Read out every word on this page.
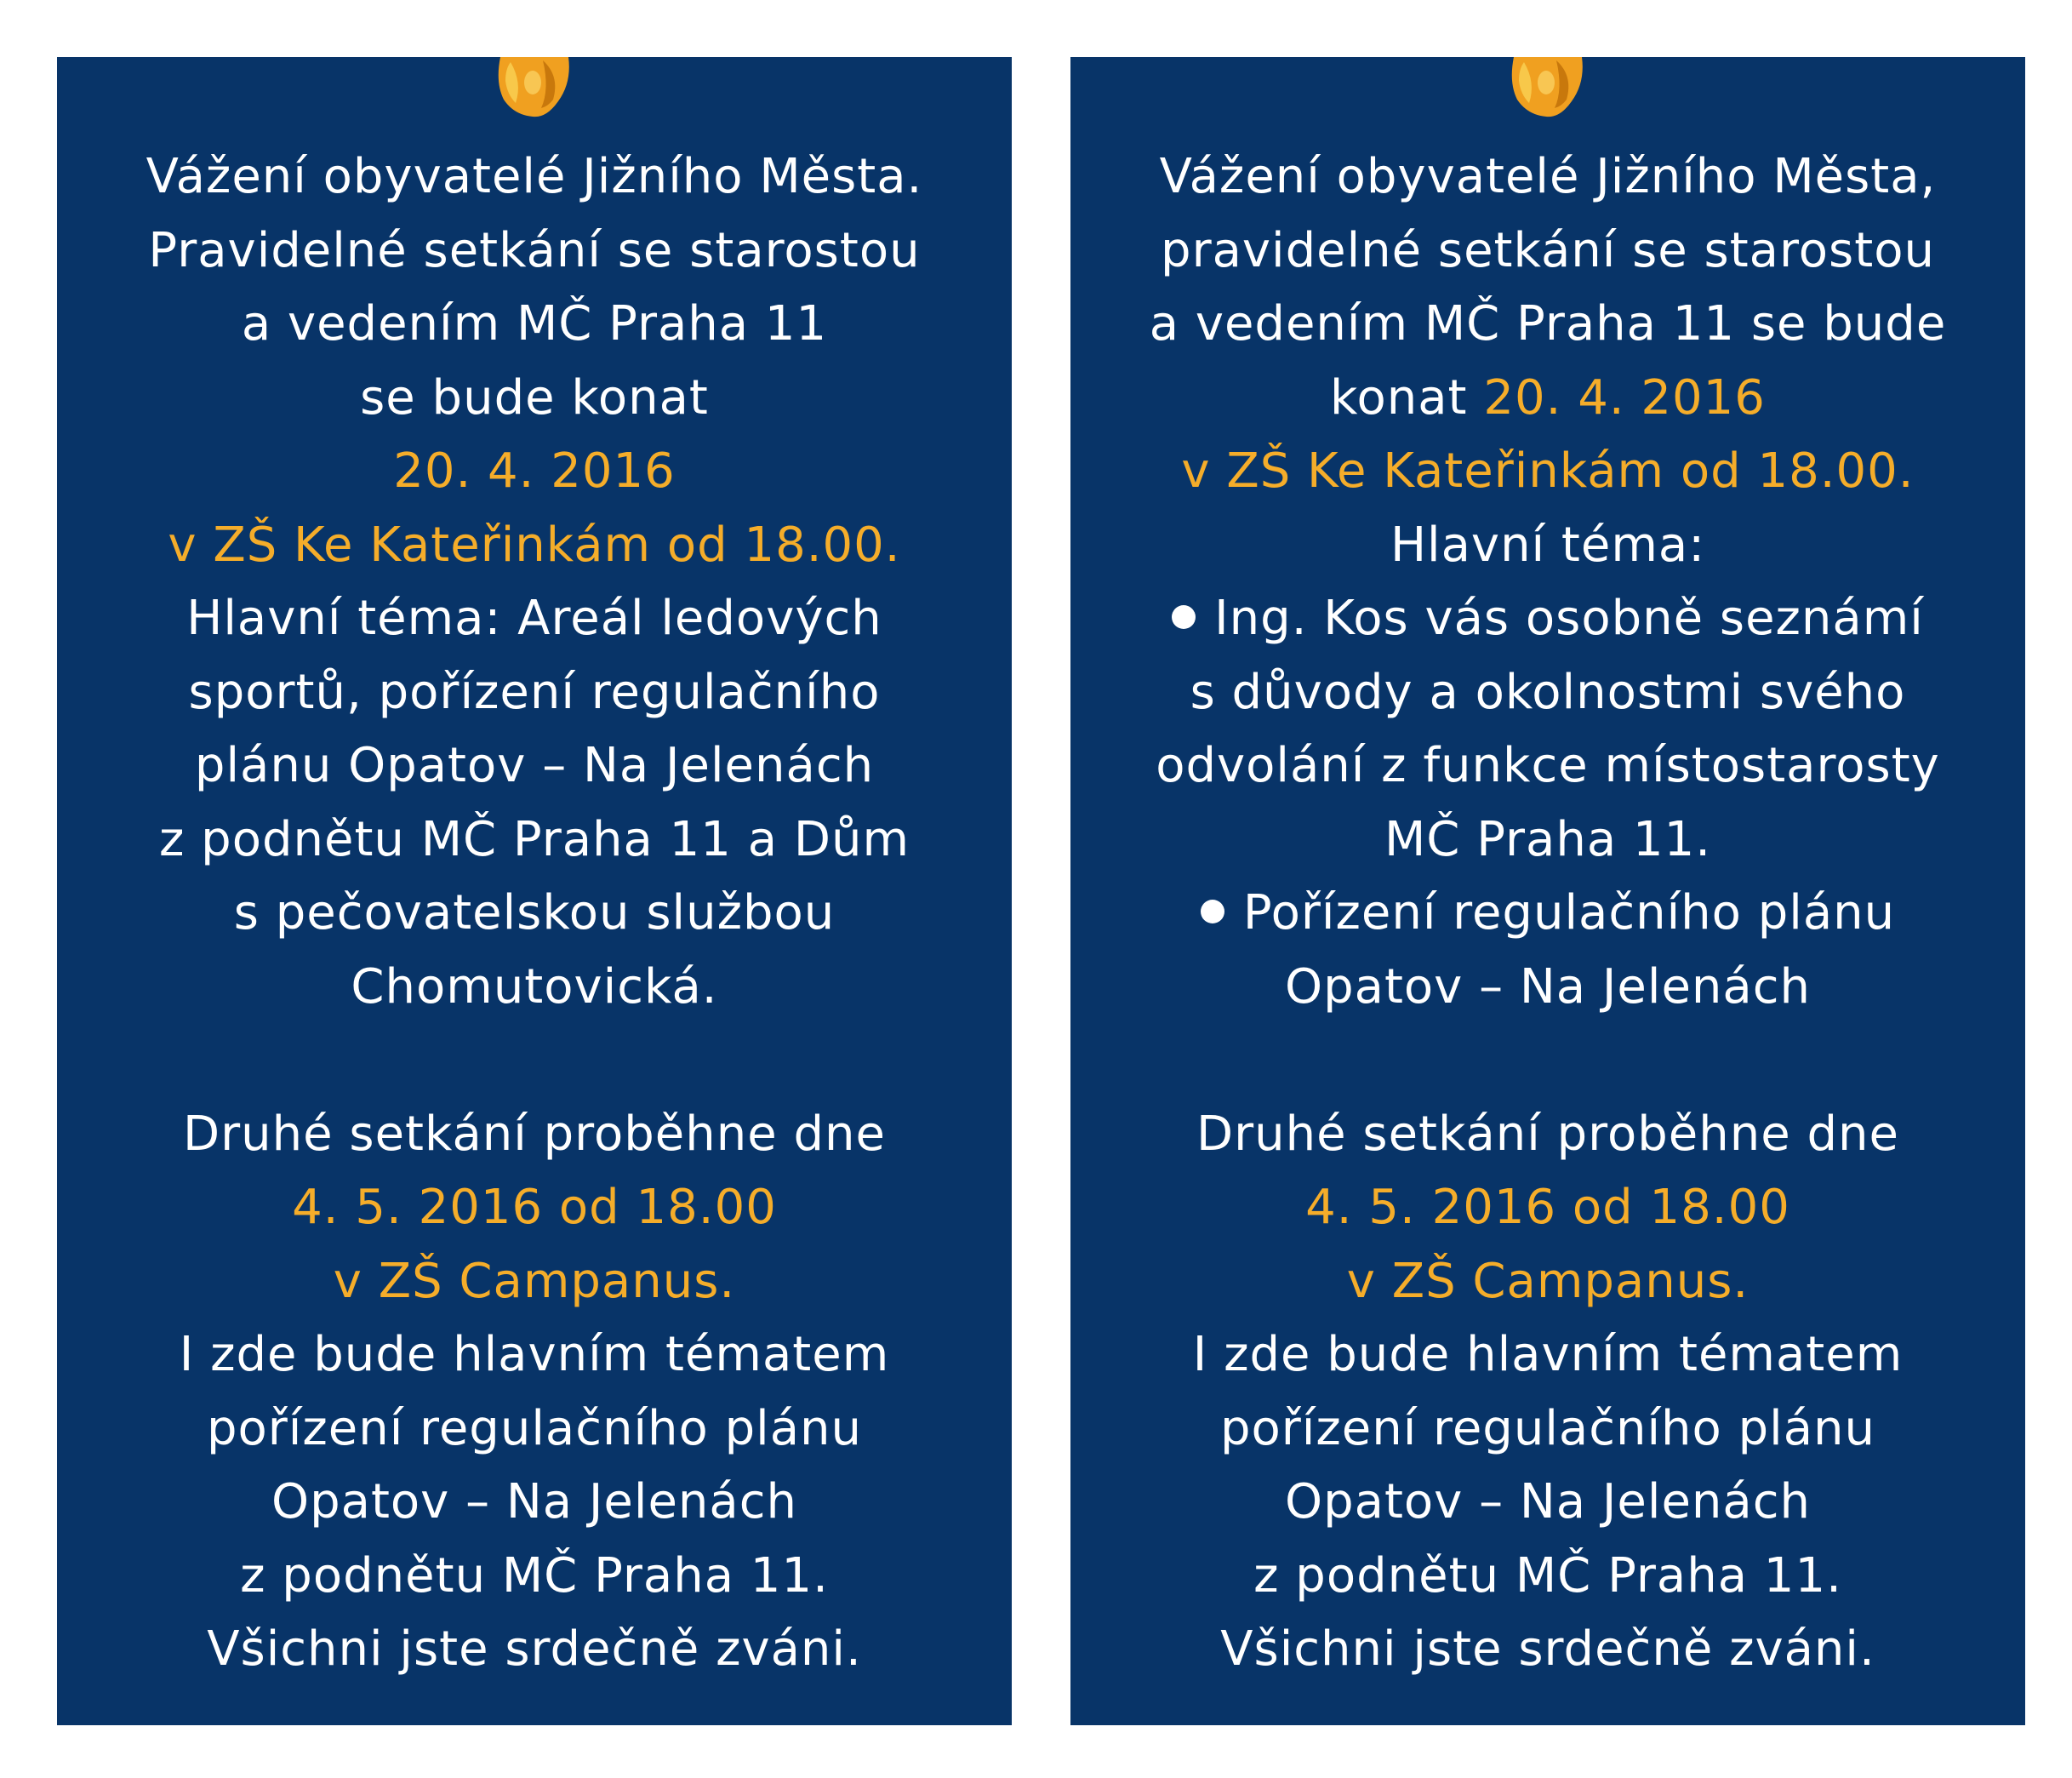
Vážení obyvatelé Jižního Města.
Pravidelné setkání se starostou
a vedením MČ Praha 11
se bude konat
20. 4. 2016
v ZŠ Ke Kateřinkám od 18.00.
Hlavní téma: Areál ledových
sportů, pořízení regulačního
plánu Opatov – Na Jelenách
z podnětu MČ Praha 11 a Dům
s pečovatelskou službou
Chomutovická.
Druhé setkání proběhne dne
4. 5. 2016 od 18.00
v ZŠ Campanus.
I zde bude hlavním tématem
pořízení regulačního plánu
Opatov – Na Jelenách
z podnětu MČ Praha 11.
Všichni jste srdečně zváni.
Vážení obyvatelé Jižního Města,
pravidelné setkání se starostou
a vedením MČ Praha 11 se bude
konat 20. 4. 2016
v ZŠ Ke Kateřinkám od 18.00.
Hlavní téma:
Ing. Kos vás osobně seznámí
s důvody a okolnostmi svého
odvolání z funkce místostarosty
MČ Praha 11.
Pořízení regulačního plánu
Opatov – Na Jelenách
Druhé setkání proběhne dne
4. 5. 2016 od 18.00
v ZŠ Campanus.
I zde bude hlavním tématem
pořízení regulačního plánu
Opatov – Na Jelenách
z podnětu MČ Praha 11.
Všichni jste srdečně zváni.
